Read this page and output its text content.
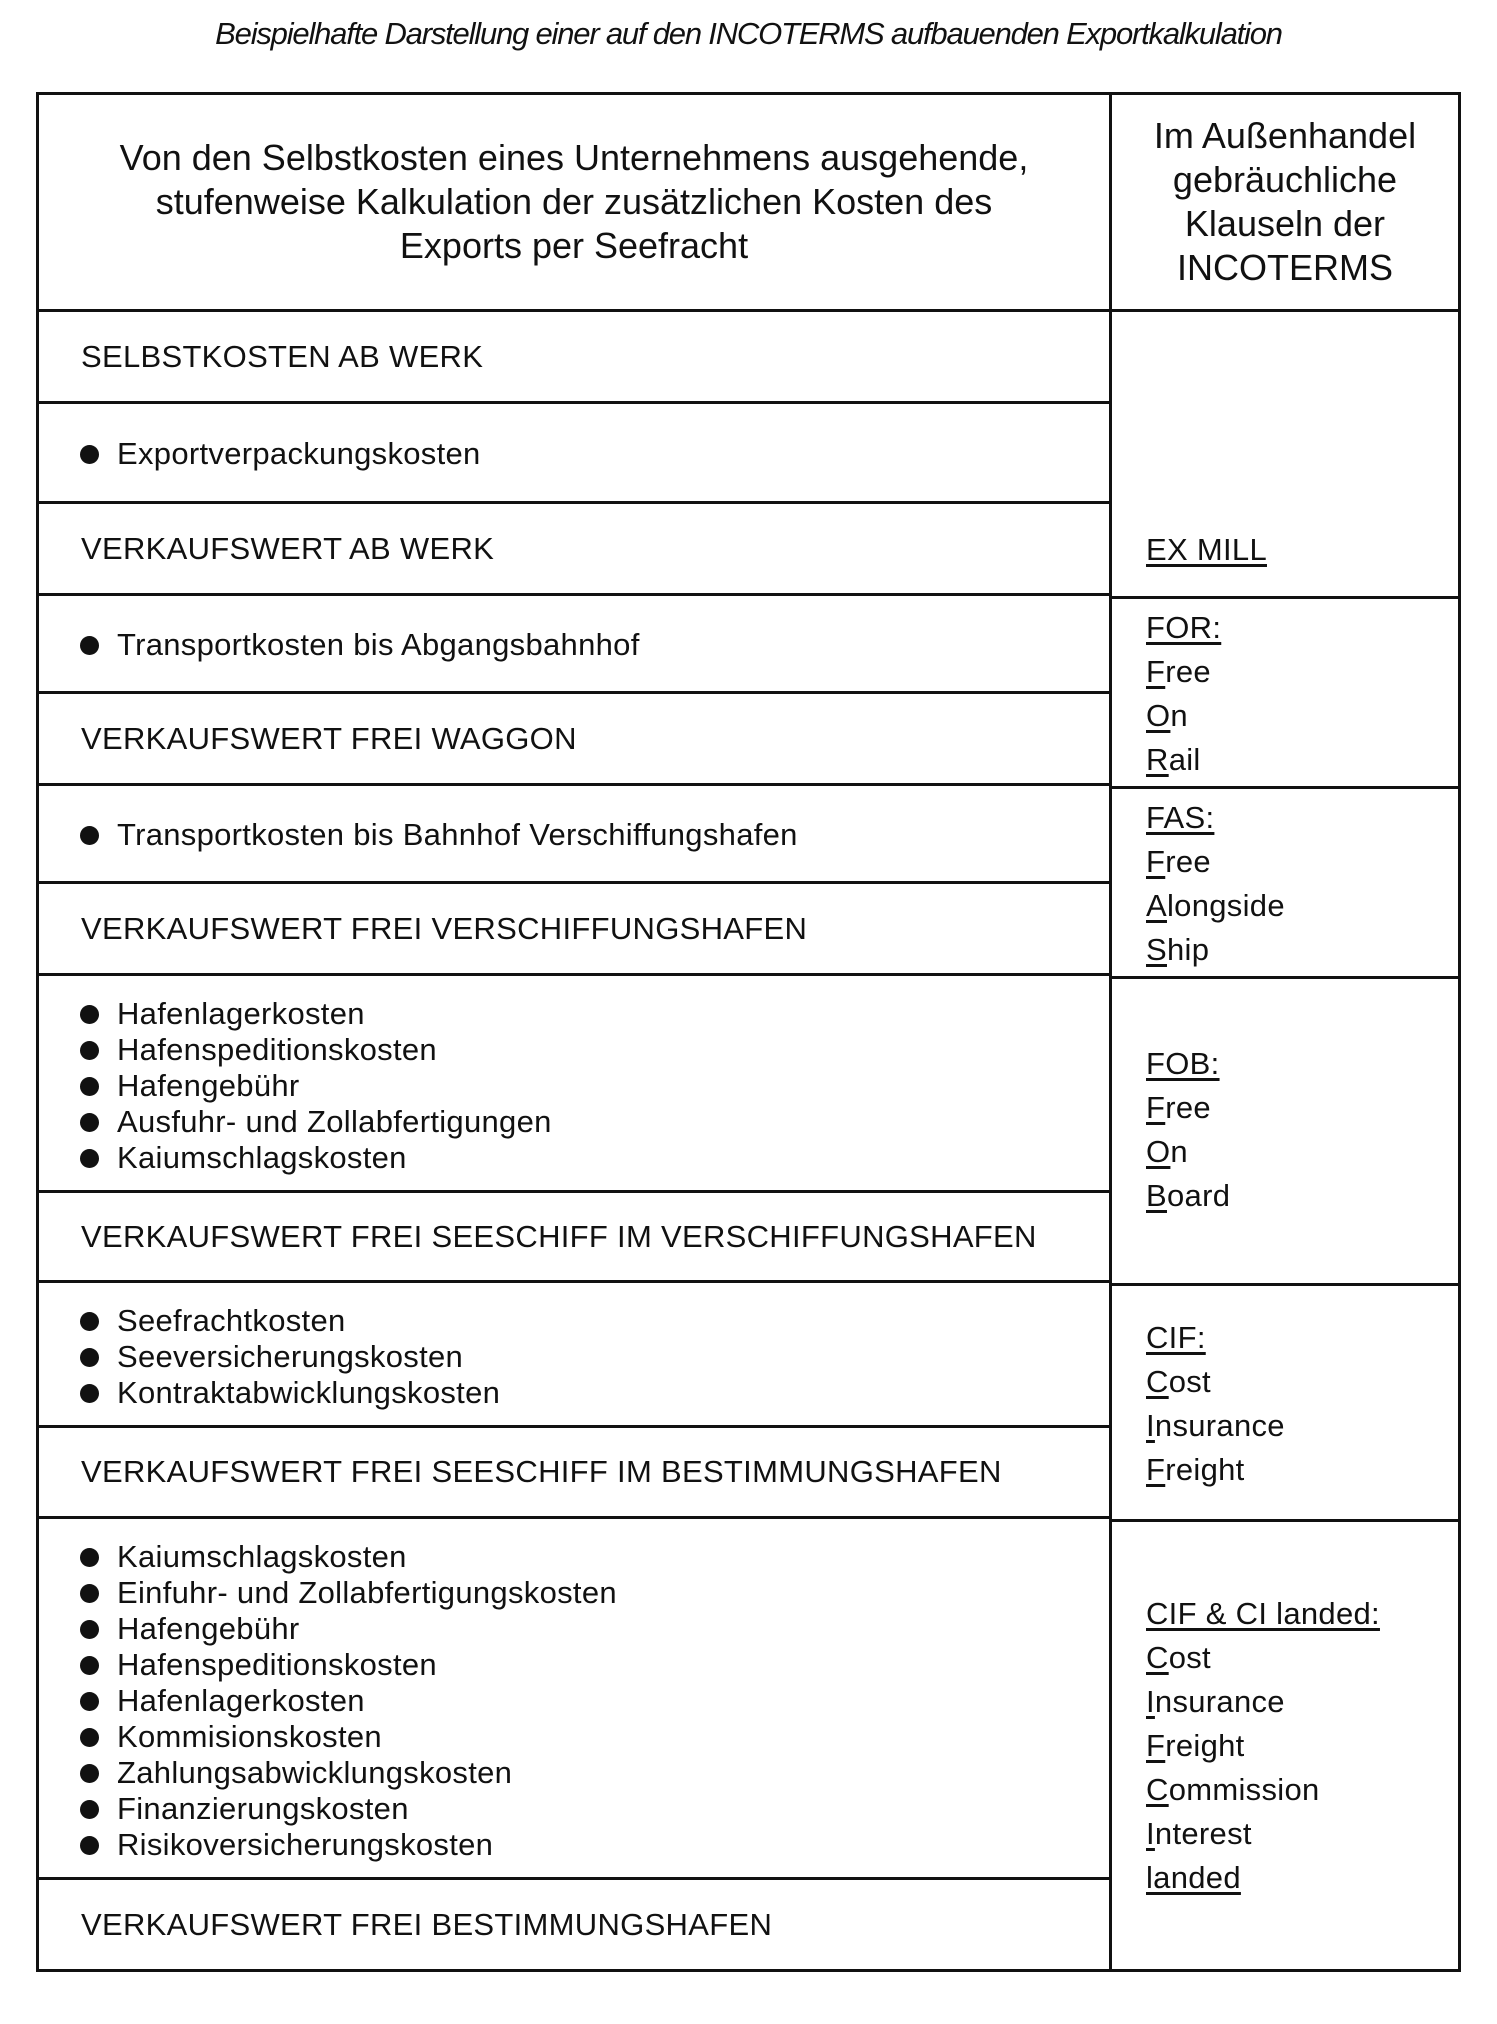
Beispielhafte Darstellung einer auf den INCOTERMS aufbauenden Exportkalkulation
Von den Selbstkosten eines Unternehmens ausgehende,
stufenweise Kalkulation der zusätzlichen Kosten des
Exports per Seefracht
Im Außenhandel
gebräuchliche
Klauseln der
INCOTERMS
SELBSTKOSTEN AB WERK
VERKAUFSWERT AB WERK
VERKAUFSWERT FREI WAGGON
VERKAUFSWERT FREI VERSCHIFFUNGSHAFEN
VERKAUFSWERT FREI SEESCHIFF IM VERSCHIFFUNGSHAFEN
VERKAUFSWERT FREI SEESCHIFF IM BESTIMMUNGSHAFEN
VERKAUFSWERT FREI BESTIMMUNGSHAFEN
Exportverpackungskosten
Transportkosten bis Abgangsbahnhof
Transportkosten bis Bahnhof Verschiffungshafen
Hafenlagerkosten
Hafenspeditionskosten
Hafengebühr
Ausfuhr- und Zollabfertigungen
Kaiumschlagskosten
Seefrachtkosten
Seeversicherungskosten
Kontraktabwicklungskosten
Kaiumschlagskosten
Einfuhr- und Zollabfertigungskosten
Hafengebühr
Hafenspeditionskosten
Hafenlagerkosten
Kommisionskosten
Zahlungsabwicklungskosten
Finanzierungskosten
Risikoversicherungskosten
EX MILL
FOR:
Free
On
Rail
FAS:
Free
Alongside
Ship
FOB:
Free
On
Board
CIF:
Cost
Insurance
Freight
CIF & CI landed:
Cost
Insurance
Freight
Commission
Interest
landed
